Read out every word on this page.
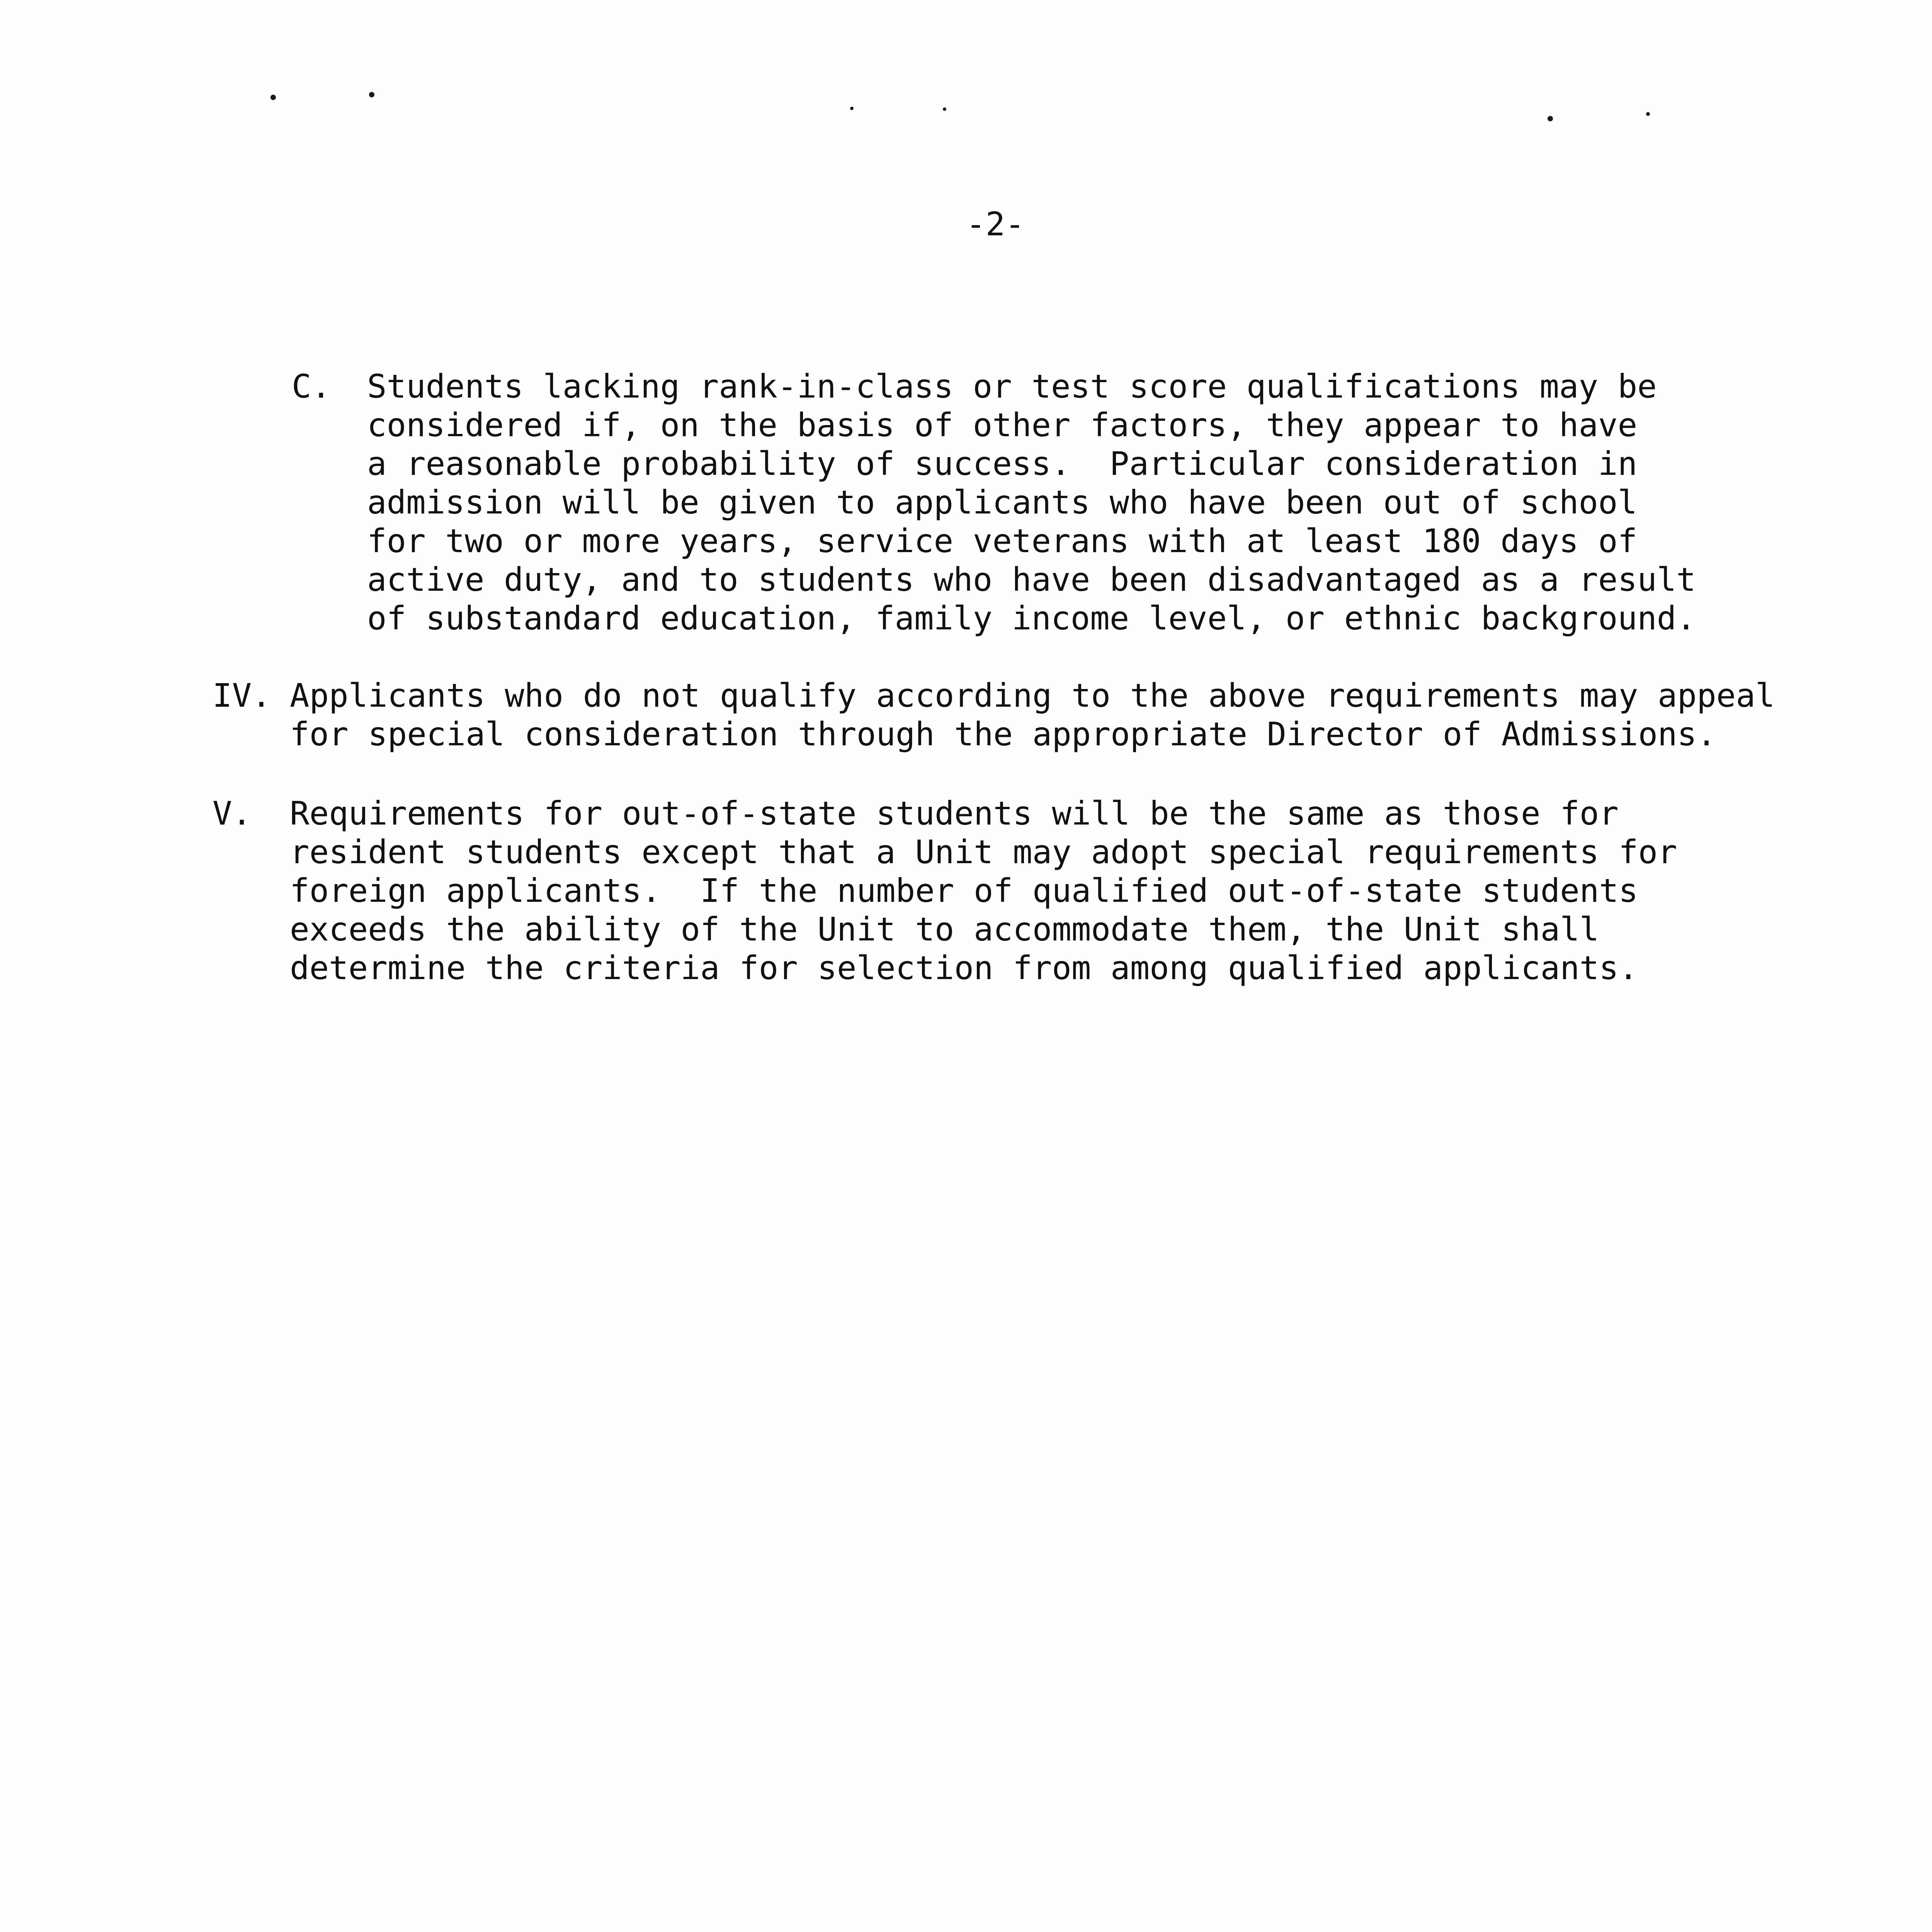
-2-
C. Students lacking rank-in-class or test score qualifications may be
considered if, on the basis of other factors, they appear to have
a reasonable probability of success.  Particular consideration in
admission will be given to applicants who have been out of school
for two or more years, service veterans with at least 180 days of
active duty, and to students who have been disadvantaged as a result
of substandard education, family income level, or ethnic background.
IV. Applicants who do not qualify according to the above requirements may appeal
for special consideration through the appropriate Director of Admissions.
V. Requirements for out-of-state students will be the same as those for
resident students except that a Unit may adopt special requirements for
foreign applicants.  If the number of qualified out-of-state students
exceeds the ability of the Unit to accommodate them, the Unit shall
determine the criteria for selection from among qualified applicants.
